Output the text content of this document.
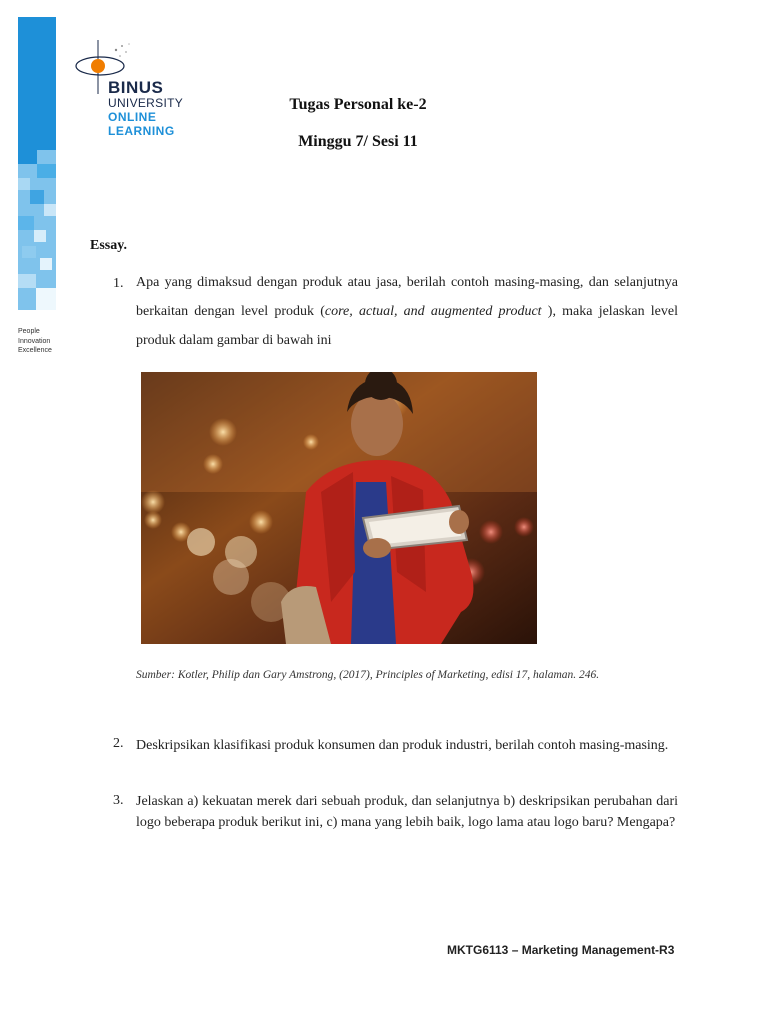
People
Innovation
Excellence
BINUS
UNIVERSITY
ONLINE
LEARNING
Tugas Personal ke-2
Minggu 7/ Sesi 11
Essay.
1. Apa yang dimaksud dengan produk atau jasa, berilah contoh masing-masing, dan selanjutnya berkaitan dengan level produk (core, actual, and augmented product ), maka jelaskan level produk dalam gambar di bawah ini
Sumber: Kotler, Philip dan Gary Amstrong, (2017), Principles of Marketing, edisi 17, halaman. 246.
2. Deskripsikan klasifikasi produk konsumen dan produk industri, berilah contoh masing-masing.
3. Jelaskan a) kekuatan merek dari sebuah produk, dan selanjutnya b) deskripsikan perubahan dari logo beberapa produk berikut ini, c) mana yang lebih baik, logo lama atau logo baru? Mengapa?
MKTG6113 – Marketing Management-R3
